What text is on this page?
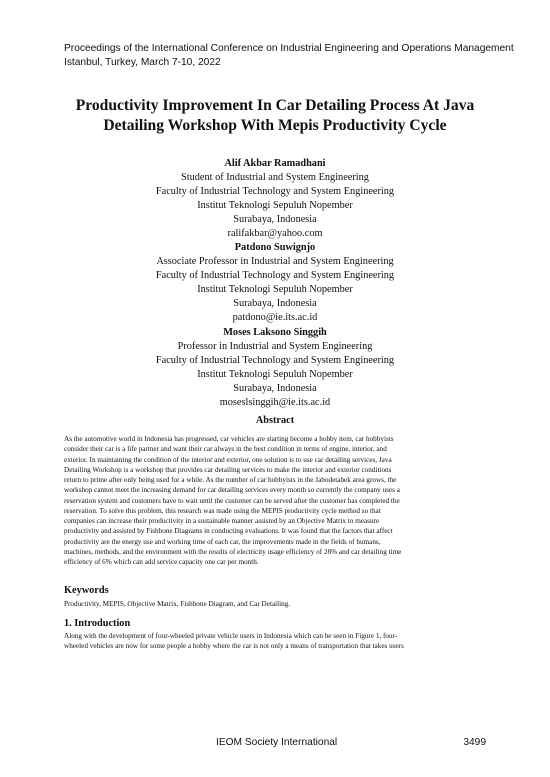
Proceedings of the International Conference on Industrial Engineering and Operations Management
Istanbul, Turkey, March 7-10, 2022
Productivity Improvement In Car Detailing Process At Java
Detailing Workshop With Mepis Productivity Cycle
Alif Akbar Ramadhani
Student of Industrial and System Engineering
Faculty of Industrial Technology and System Engineering
Institut Teknologi Sepuluh Nopember
Surabaya, Indonesia
ralifakbar@yahoo.com
Patdono Suwignjo
Associate Professor in Industrial and System Engineering
Faculty of Industrial Technology and System Engineering
Institut Teknologi Sepuluh Nopember
Surabaya, Indonesia
patdono@ie.its.ac.id
Moses Laksono Singgih
Professor in Industrial and System Engineering
Faculty of Industrial Technology and System Engineering
Institut Teknologi Sepuluh Nopember
Surabaya, Indonesia
moseslsinggih@ie.its.ac.id
Abstract
As the automotive world in Indonesia has progressed, car vehicles are starting become a hobby item, car hobbyists
consider their car is a life partner and want their car always in the best condition in terms of engine, interior, and
exterior. In maintaining the condition of the interior and exterior, one solution is to use car detailing services, Java
Detailing Workshop is a workshop that provides car detailing services to make the interior and exterior conditions
return to prime after only being used for a while. As the number of car hobbyists in the Jabodetabek area grows, the
workshop cannot meet the increasing demand for car detailing services every month so currently the company uses a
reservation system and customers have to wait until the customer can be served after the customer has completed the
reservation. To solve this problem, this research was made using the MEPIS productivity cycle method so that
companies can increase their productivity in a sustainable manner assisted by an Objective Matrix to measure
productivity and assisted by Fishbone Diagrams in conducting evaluations. It was found that the factors that affect
productivity are the energy use and working time of each car, the improvements made in the fields of humans,
machines, methods, and the environment with the results of electricity usage efficiency of 28% and car detailing time
efficiency of 6% which can add service capacity one car per month.
Keywords
Productivity, MEPIS, Objective Matrix, Fishbone Diagram, and Car Detailing.
1. Introduction
Along with the development of four-wheeled private vehicle users in Indonesia which can be seen in Figure 1, four-
wheeled vehicles are now for some people a hobby where the car is not only a means of transportation that takes users
IEOM Society International	3499
